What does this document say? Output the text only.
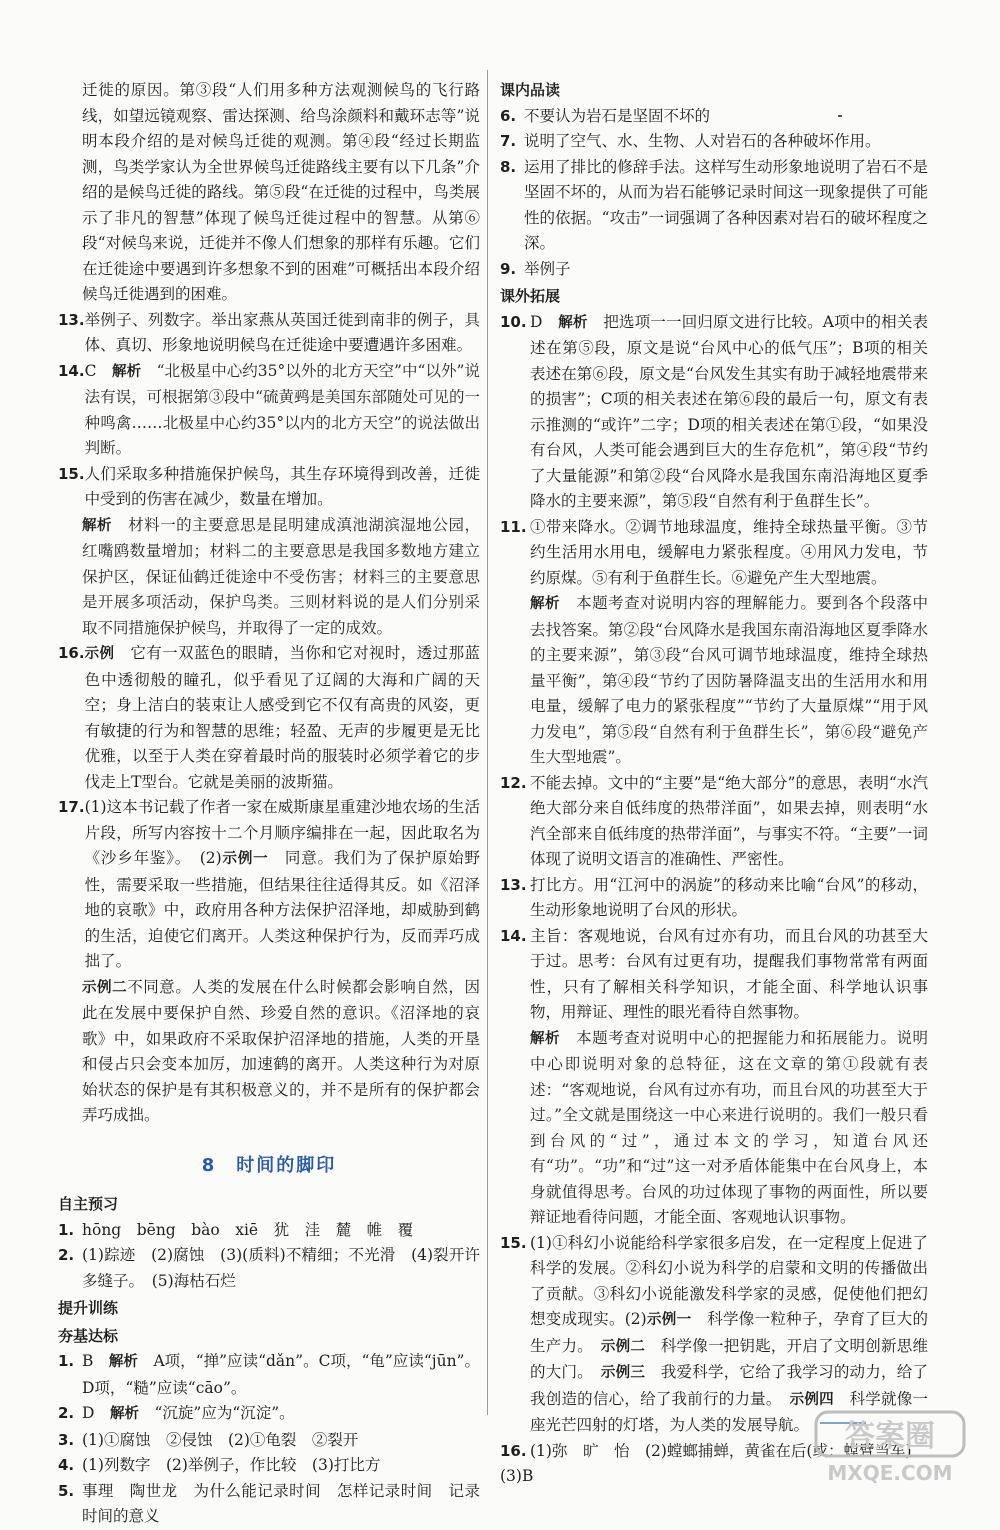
迁徙的原因。第③段“人们用多种方法观测候鸟的飞行路线，如望远镜观察、雷达探测、给鸟涂颜料和戴环志等”说明本段介绍的是对候鸟迁徙的观测。第④段“经过长期监测，鸟类学家认为全世界候鸟迁徙路线主要有以下几条”介绍的是候鸟迁徙的路线。第⑤段“在迁徙的过程中，鸟类展示了非凡的智慧”体现了候鸟迁徙过程中的智慧。从第⑥段“对候鸟来说，迁徙并不像人们想象的那样有乐趣。它们在迁徙途中要遇到许多想象不到的困难”可概括出本段介绍候鸟迁徙遇到的困难。

13. 举例子、列数字。举出家燕从英国迁徙到南非的例子，具体、真切、形象地说明候鸟在迁徙途中要遭遇许多困难。
14. C　 解析　 “北极星中心约35°以外的北方天空”中“以外”说法有误，可根据第③段中“硫黄鹀是美国东部随处可见的一种鸣禽……北极星中心约35°以内的北方天空”的说法做出判断。
15. 人们采取多种措施保护候鸟，其生存环境得到改善，迁徙中受到的伤害在减少，数量在增加。

解析　 材料一的主要意思是昆明建成滇池湖滨湿地公园，红嘴鸥数量增加；材料二的主要意思是我国多数地方建立保护区，保证仙鹤迁徙途中不受伤害；材料三的主要意思是开展多项活动，保护鸟类。三则材料说的是人们分别采取不同措施保护候鸟，并取得了一定的成效。

16. 示例　 它有一双蓝色的眼睛，当你和它对视时，透过那蓝色中透彻般的瞳孔，似乎看见了辽阔的大海和广阔的天空；身上洁白的装束让人感受到它不仅有高贵的风姿，更有敏捷的行为和智慧的思维；轻盈、无声的步履更是无比优雅，以至于人类在穿着最时尚的服装时必须学着它的步伐走上T型台。它就是美丽的波斯猫。
17. (1)这本书记载了作者一家在威斯康星重建沙地农场的生活片段，所写内容按十二个月顺序编排在一起，因此取名为《沙乡年鉴》。　(2)示例一　 同意。我们为了保护原始野性，需要采取一些措施，但结果往往适得其反。如《沼泽地的哀歌》中，政府用各种方法保护沼泽地，却威胁到鹤的生活，迫使它们离开。人类这种保护行为，反而弄巧成拙了。

示例二不同意。人类的发展在什么时候都会影响自然，因此在发展中要保护自然、珍爱自然的意识。《沼泽地的哀歌》中，如果政府不采取保护沼泽地的措施，人类的开垦和侵占只会变本加厉，加速鹤的离开。人类这种行为对原始状态的保护是有其积极意义的，并不是所有的保护都会弄巧成拙。

8　时间的脚印
自主预习
1. hōng　bēng　bào　xiē　犹　洼　麓　帷　覆
2. (1)踪迹　(2)腐蚀　(3)(质料)不精细；不光滑　(4)裂开许多缝子。　(5)海枯石烂
提升训练
夯基达标
1. B　 解析　 A项，“掸”应读“dǎn”。C项，“龟”应读“jūn”。D项，“糙”应读“cāo”。
2. D　 解析　 “沉旋”应为“沉淀”。
3. (1)①腐蚀　②侵蚀　(2)①龟裂　②裂开
4. (1)列数字　(2)举例子，作比较　(3)打比方
5. 事理　陶世龙　为什么能记录时间　怎样记录时间　记录时间的意义
课内品读
6. 不要认为岩石是坚固不坏的
7. 说明了空气、水、生物、人对岩石的各种破坏作用。
8. 运用了排比的修辞手法。这样写生动形象地说明了岩石不是坚固不坏的，从而为岩石能够记录时间这一现象提供了可能性的依据。“攻击”一词强调了各种因素对岩石的破坏程度之深。
9. 举例子
课外拓展
10. D　 解析　 把选项一一回归原文进行比较。A项中的相关表述在第⑤段，原文是说“台风中心的低气压”；B项的相关表述在第⑥段，原文是“台风发生其实有助于减轻地震带来的损害”；C项的相关表述在第⑥段的最后一句，原文有表示推测的“或许”二字；D项的相关表述在第①段，“如果没有台风，人类可能会遇到巨大的生存危机”，第④段“节约了大量能源”和第②段“台风降水是我国东南沿海地区夏季降水的主要来源”，第⑤段“自然有利于鱼群生长”。
11. ①带来降水。②调节地球温度，维持全球热量平衡。③节约生活用水用电，缓解电力紧张程度。④用风力发电，节约原煤。⑤有利于鱼群生长。⑥避免产生大型地震。

解析　 本题考查对说明内容的理解能力。要到各个段落中去找答案。第②段“台风降水是我国东南沿海地区夏季降水的主要来源”，第③段“台风可调节地球温度，维持全球热量平衡”，第④段“节约了因防暑降温支出的生活用水和用电量，缓解了电力的紧张程度”“节约了大量原煤”“用于风力发电”，第⑤段“自然有利于鱼群生长”，第⑥段“避免产生大型地震”。

12. 不能去掉。文中的“主要”是“绝大部分”的意思，表明“水汽绝大部分来自低纬度的热带洋面”，如果去掉，则表明“水汽全部来自低纬度的热带洋面”，与事实不符。“主要”一词体现了说明文语言的准确性、严密性。
13. 打比方。用“江河中的涡旋”的移动来比喻“台风”的移动，生动形象地说明了台风的形状。
14. 主旨：客观地说，台风有过亦有功，而且台风的功甚至大于过。思考：台风有过更有功，提醒我们事物常常有两面性，只有了解相关科学知识，才能全面、科学地认识事物，用辩证、理性的眼光看待自然事物。

解析　 本题考查对说明中心的把握能力和拓展能力。说明中心即说明对象的总特征，这在文章的第①段就有表述：“客观地说，台风有过亦有功，而且台风的功甚至大于过。”全文就是围绕这一中心来进行说明的。我们一般只看到台风的“过”，通过本文的学习，知道台风还有“功”。“功”和“过”这一对矛盾体能集中在台风身上，本身就值得思考。台风的功过体现了事物的两面性，所以要辩证地看待问题，才能全面、客观地认识事物。

15. (1)①科幻小说能给科学家很多启发，在一定程度上促进了科学的发展。②科幻小说为科学的启蒙和文明的传播做出了贡献。③科幻小说能激发科学家的灵感，促使他们把幻想变成现实。(2)示例一　 科学像一粒种子，孕育了巨大的生产力。　 示例二　 科学像一把钥匙，开启了文明创新思维的大门。　 示例三　 我爱科学，它给了我学习的动力，给了我创造的信心，给了我前行的力量。　 示例四　 科学就像一座光芒四射的灯塔，为人类的发展导航。
16. (1)弥　旷　怡　(2)螳螂捕蝉，黄雀在后(或：螳臂当车)

(3)B

答案圈
MXQE.COM
